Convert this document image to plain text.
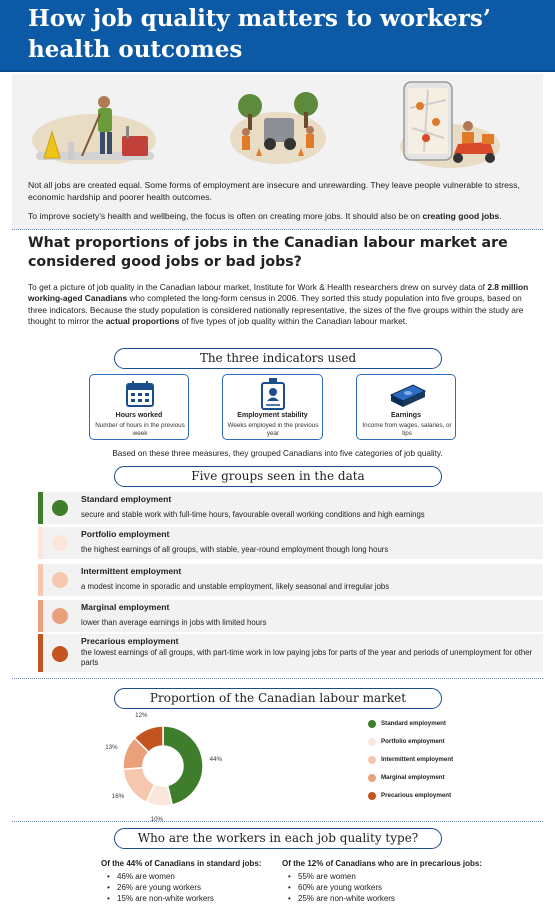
How job quality matters to workers’ health outcomes
Not all jobs are created equal. Some forms of employment are insecure and unrewarding. They leave people vulnerable to stress, economic hardship and poorer health outcomes.
To improve society’s health and wellbeing, the focus is often on creating more jobs. It should also be on creating good jobs.
What proportions of jobs in the Canadian labour market are considered good jobs or bad jobs?
To get a picture of job quality in the Canadian labour market, Institute for Work & Health researchers drew on survey data of 2.8 million working-aged Canadians who completed the long-form census in 2006. They sorted this study population into five groups, based on three indicators. Because the study population is considered nationally representative, the sizes of the five groups within the study are thought to mirror the actual proportions of five types of job quality within the Canadian labour market.
The three indicators used
Hours worked
Number of hours in the previous week
Employment stability
Weeks employed in the previous year
Earnings
Income from wages, salaries, or tips
Based on these three measures, they grouped Canadians into five categories of job quality.
Five groups seen in the data
Standard employment
secure and stable work with full-time hours, favourable overall working conditions and high earnings
Portfolio employment
the highest earnings of all groups, with stable, year-round employment though long hours
Intermittent employment
a modest income in sporadic and unstable employment, likely seasonal and irregular jobs
Marginal employment
lower than average earnings in jobs with limited hours
Precarious employment
the lowest earnings of all groups, with part-time work in low paying jobs for parts of the year and periods of unemployment for other parts
Proportion of the Canadian labour market
44%
10%
16%
13%
12%
Standard employment
Portfolio employment
Intermittent employment
Marginal employment
Precarious employment
Who are the workers in each job quality type?
Of the 44% of Canadians in standard jobs:
• 46% are women
• 26% are young workers
• 15% are non-white workers
Of the 12% of Canadians who are in precarious jobs:
• 55% are women
• 60% are young workers
• 25% are non-white workers
